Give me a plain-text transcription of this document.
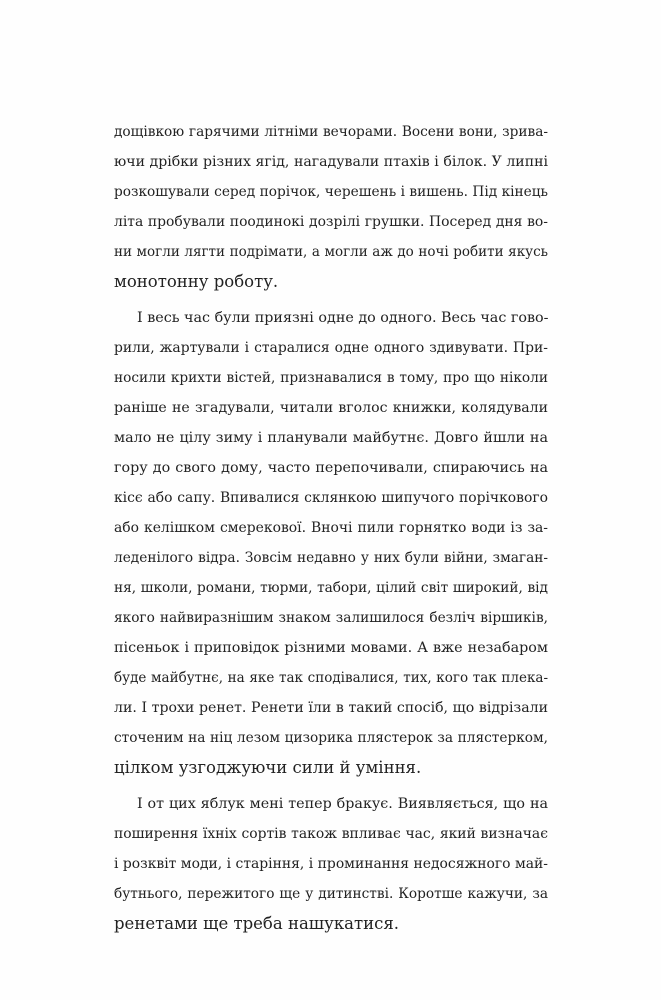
дощівкою гарячими літніми вечорами. Восени вони, зрива-
ючи дрібки різних ягід, нагадували птахів і білок. У липні
розкошували серед порічок, черешень і вишень. Під кінець
літа пробували поодинокі дозрілі грушки. Посеред дня во-
ни могли лягти подрімати, а могли аж до ночі робити якусь
монотонну роботу.
І весь час були приязні одне до одного. Весь час гово-
рили, жартували і старалися одне одного здивувати. При-
носили крихти вістей, признавалися в тому, про що ніколи
раніше не згадували, читали вголос книжки, колядували
мало не цілу зиму і планували майбутнє. Довго йшли на
гору до свого дому, часто перепочивали, спираючись на
кісє або сапу. Впивалися склянкою шипучого порічкового
або келішком смерекової. Вночі пили горнятко води із за-
леденілого відра. Зовсім недавно у них були війни, змаган-
ня, школи, романи, тюрми, табори, цілий світ широкий, від
якого найвиразнішим знаком залишилося безліч віршиків,
пісеньок і приповідок різними мовами. А вже незабаром
буде майбутнє, на яке так сподівалися, тих, кого так плека-
ли. І трохи ренет. Ренети їли в такий спосіб, що відрізали
сточеним на ніц лезом цизорика плястерок за плястерком,
цілком узгоджуючи сили й уміння.
І от цих яблук мені тепер бракує. Виявляється, що на
поширення їхніх сортів також впливає час, який визначає
і розквіт моди, і старіння, і проминання недосяжного май-
бутнього, пережитого ще у дитинстві. Коротше кажучи, за
ренетами ще треба нашукатися.
